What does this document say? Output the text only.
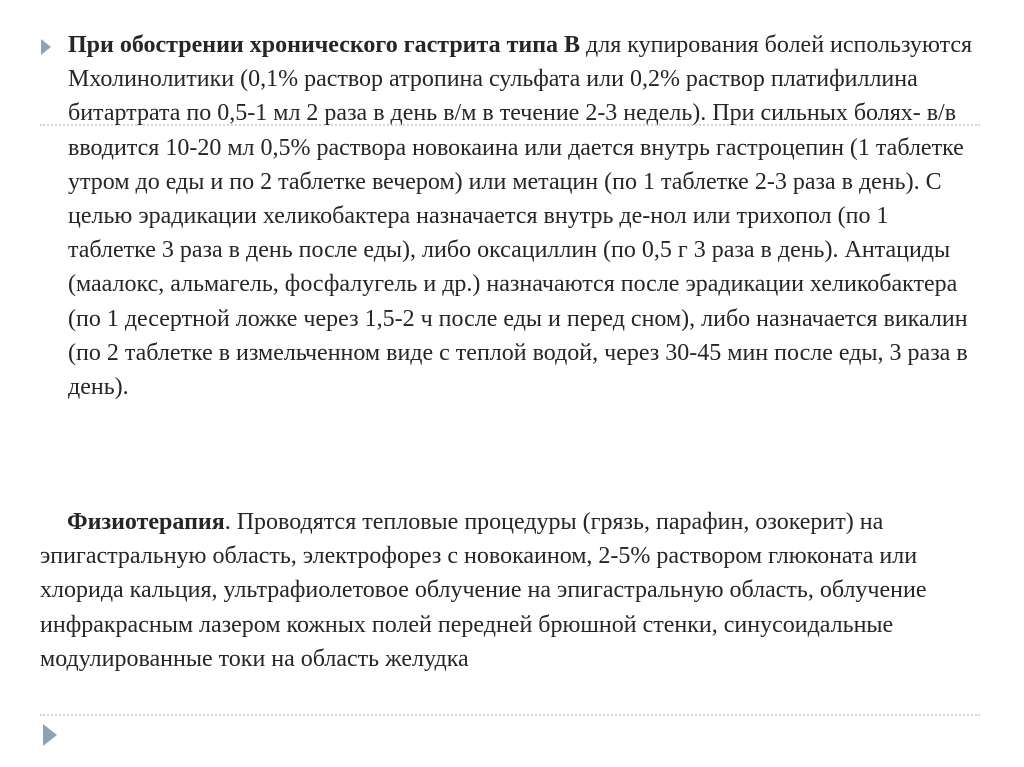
При обострении хронического гастрита типа В для купирования болей используются Мхолинолитики (0,1% раствор атропина сульфата или 0,2% раствор платифиллина битартрата по 0,5-1 мл 2 раза в день в/м в течение 2-3 недель). При сильных болях- в/в вводится 10-20 мл 0,5% раствора новокаина или дается внутрь гастроцепин (1 таблетке утром до еды и по 2 таблетке вечером) или метацин (по 1 таблетке 2-3 раза в день). С целью эрадикации хеликобактера назначается внутрь де-нол или трихопол (по 1 таблетке 3 раза в день после еды), либо оксациллин (по 0,5 г 3 раза в день). Антациды (маалокс, альмагель, фосфалугель и др.) назначаются после эрадикации хеликобактера (по 1 десертной ложке через 1,5-2 ч после еды и перед сном), либо назначается викалин (по 2 таблетке в измельченном виде с теплой водой, через 30-45 мин после еды, 3 раза в день).

Физиотерапия. Проводятся тепловые процедуры (грязь, парафин, озокерит) на эпигастральную область, электрофорез с новокаином, 2-5% раствором глюконата или хлорида кальция, ультрафиолетовое облучение на эпигастральную область, облучение инфракрасным лазером кожных полей передней брюшной стенки, синусоидальные модулированные токи на область желудка
